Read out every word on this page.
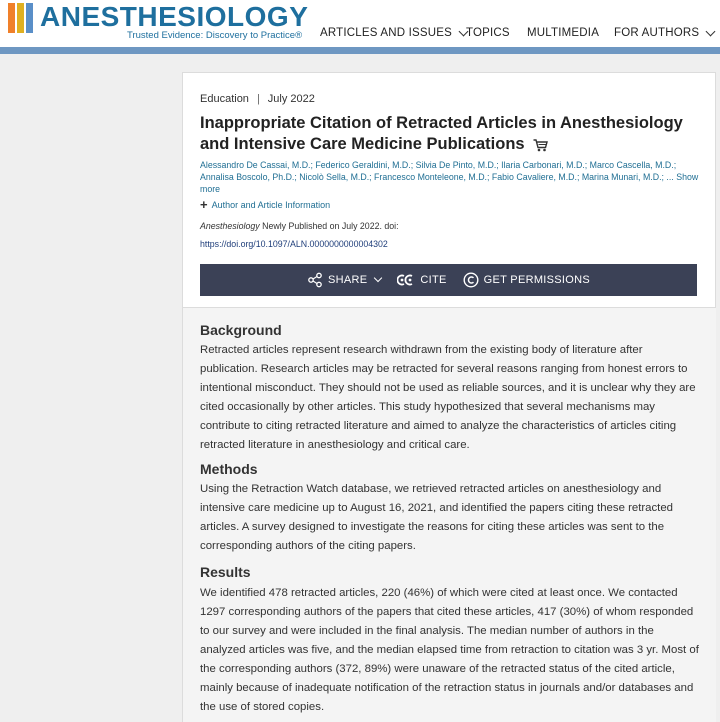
ANESTHESIOLOGY
Trusted Evidence: Discovery to Practice® ARTICLES AND ISSUES TOPICS MULTIMEDIA FOR AUTHORS
Education | July 2022
Inappropriate Citation of Retracted Articles in Anesthesiology and Intensive Care Medicine Publications
Alessandro De Cassai, M.D.; Federico Geraldini, M.D.; Silvia De Pinto, M.D.; Ilaria Carbonari, M.D.; Marco Cascella, M.D.;
Annalisa Boscolo, Ph.D.; Nicolò Sella, M.D.; Francesco Monteleone, M.D.; Fabio Cavaliere, M.D.; Marina Munari, M.D.; ... Show more
+ Author and Article Information
Anesthesiology Newly Published on July 2022. doi:
https://doi.org/10.1097/ALN.0000000000004302
SHARE	CITE	GET PERMISSIONS
Background
Retracted articles represent research withdrawn from the existing body of literature after publication. Research articles may be retracted for several reasons ranging from honest errors to intentional misconduct. They should not be used as reliable sources, and it is unclear why they are cited occasionally by other articles. This study hypothesized that several mechanisms may contribute to citing retracted literature and aimed to analyze the characteristics of articles citing retracted literature in anesthesiology and critical care.
Methods
Using the Retraction Watch database, we retrieved retracted articles on anesthesiology and intensive care medicine up to August 16, 2021, and identified the papers citing these retracted articles. A survey designed to investigate the reasons for citing these articles was sent to the corresponding authors of the citing papers.
Results
We identified 478 retracted articles, 220 (46%) of which were cited at least once. We contacted 1297 corresponding authors of the papers that cited these articles, 417 (30%) of whom responded to our survey and were included in the final analysis. The median number of authors in the analyzed articles was five, and the median elapsed time from retraction to citation was 3 yr. Most of the corresponding authors (372, 89%) were unaware of the retracted status of the cited article, mainly because of inadequate notification of the retraction status in journals and/or databases and the use of stored copies.
